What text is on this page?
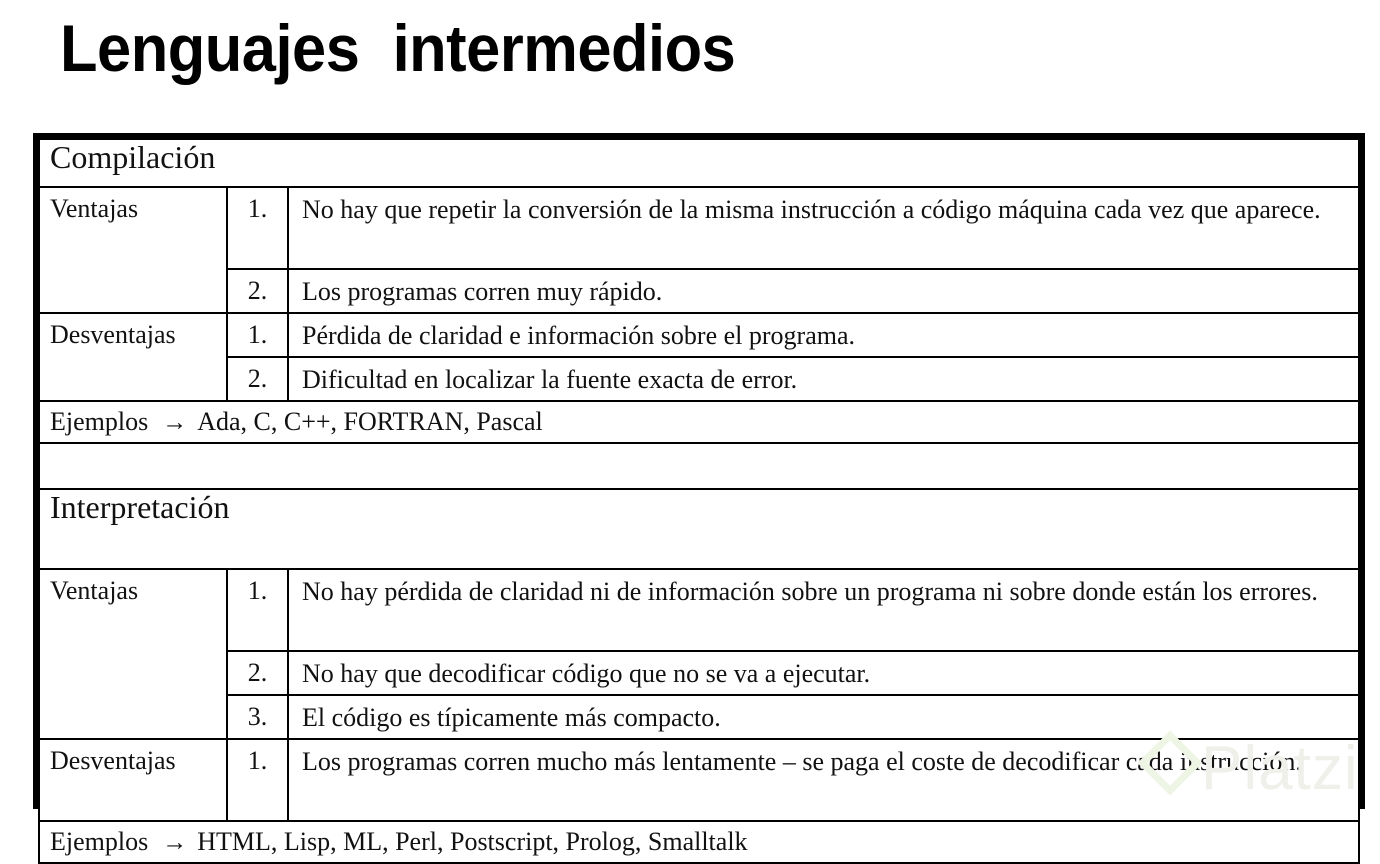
Lenguajes  intermedios
Platzi
Compilación		

Ventajas	1.	No hay que repetir la conversión de la misma instrucción a código máquina cada vez que aparece.

	2.	Los programas corren muy rápido.

Desventajas	1.	Pérdida de claridad e información sobre el programa.

	2.	Dificultad en localizar la fuente exacta de error.

Ejemplos → Ada, C, C++, FORTRAN, Pascal		

Interpretación		

Ventajas	1.	No hay pérdida de claridad ni de información sobre un programa ni sobre donde están los errores.

	2.	No hay que decodificar código que no se va a ejecutar.

	3.	El código es típicamente más compacto.

Desventajas	1.	Los programas corren mucho más lentamente – se paga el coste de decodificar cada instrucción.

Ejemplos → HTML, Lisp, ML, Perl, Postscript, Prolog, Smalltalk		
